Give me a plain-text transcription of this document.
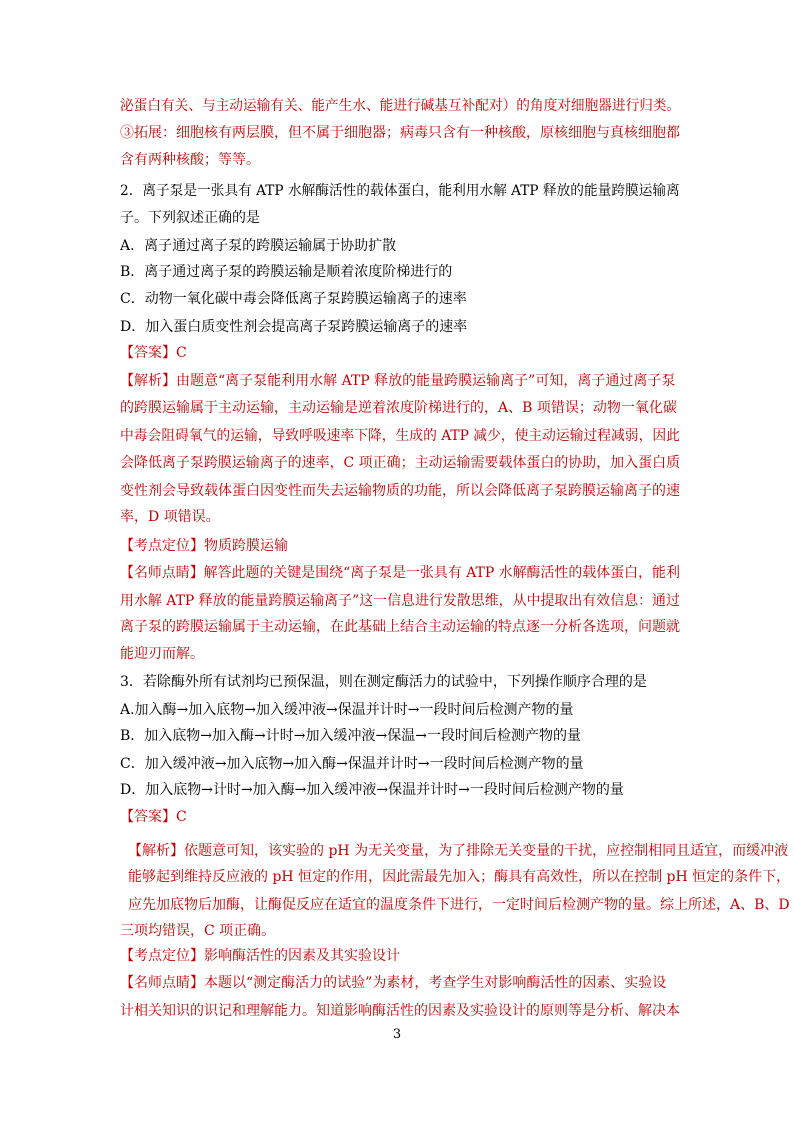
泌蛋白有关、与主动运输有关、能产生水、能进行碱基互补配对）的角度对细胞器进行归类。
③拓展：细胞核有两层膜，但不属于细胞器；病毒只含有一种核酸，原核细胞与真核细胞都
含有两种核酸；等等。
2．离子泵是一张具有 ATP 水解酶活性的载体蛋白，能利用水解 ATP 释放的能量跨膜运输离
子。下列叙述正确的是
A．离子通过离子泵的跨膜运输属于协助扩散
B．离子通过离子泵的跨膜运输是顺着浓度阶梯进行的
C．动物一氧化碳中毒会降低离子泵跨膜运输离子的速率
D．加入蛋白质变性剂会提高离子泵跨膜运输离子的速率
【答案】C
【解析】由题意“离子泵能利用水解 ATP 释放的能量跨膜运输离子”可知，离子通过离子泵
的跨膜运输属于主动运输，主动运输是逆着浓度阶梯进行的，A、B 项错误；动物一氧化碳
中毒会阻碍氧气的运输，导致呼吸速率下降，生成的 ATP 减少，使主动运输过程减弱，因此
会降低离子泵跨膜运输离子的速率，C 项正确；主动运输需要载体蛋白的协助，加入蛋白质
变性剂会导致载体蛋白因变性而失去运输物质的功能，所以会降低离子泵跨膜运输离子的速
率，D 项错误。
【考点定位】物质跨膜运输
【名师点睛】解答此题的关键是围绕“离子泵是一张具有 ATP 水解酶活性的载体蛋白，能利
用水解 ATP 释放的能量跨膜运输离子”这一信息进行发散思维，从中提取出有效信息：通过
离子泵的跨膜运输属于主动运输，在此基础上结合主动运输的特点逐一分析各选项，问题就
能迎刃而解。
3．若除酶外所有试剂均已预保温，则在测定酶活力的试验中，下列操作顺序合理的是
A.加入酶→加入底物→加入缓冲液→保温并计时→一段时间后检测产物的量
B．加入底物→加入酶→计时→加入缓冲液→保温→一段时间后检测产物的量
C．加入缓冲液→加入底物→加入酶→保温并计时→一段时间后检测产物的量
D．加入底物→计时→加入酶→加入缓冲液→保温并计时→一段时间后检测产物的量
【答案】C
【解析】依题意可知，该实验的 pH 为无关变量，为了排除无关变量的干扰，应控制相同且适宜，而缓冲液
能够起到维持反应液的 pH 恒定的作用，因此需最先加入；酶具有高效性，所以在控制 pH 恒定的条件下，
应先加底物后加酶，让酶促反应在适宜的温度条件下进行，一定时间后检测产物的量。综上所述，A、B、D
三项均错误，C 项正确。
【考点定位】影响酶活性的因素及其实验设计
【名师点睛】本题以“测定酶活力的试验”为素材，考查学生对影响酶活性的因素、实验设
计相关知识的识记和理解能力。知道影响酶活性的因素及实验设计的原则等是分析、解决本
3
